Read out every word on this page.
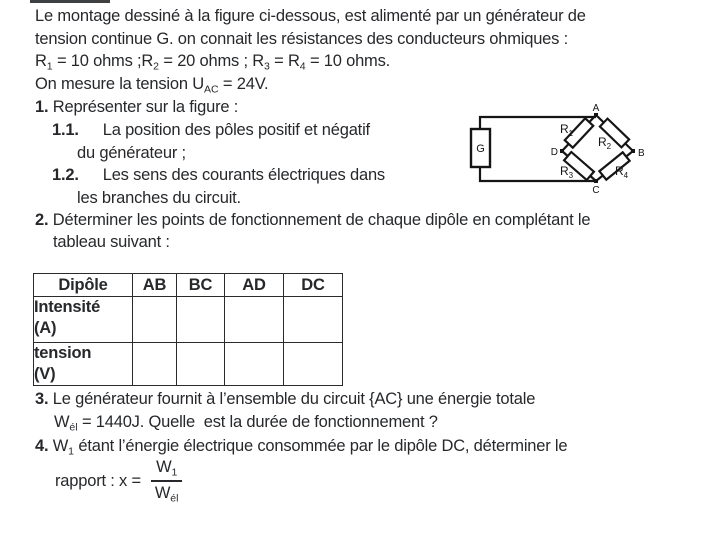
Le montage dessiné à la figure ci-dessous, est alimenté par un générateur de
tension continue G. on connait les résistances des conducteurs ohmiques :
$R_1 = 10$ ohms $;R_2 = 20$ ohms ; $R_3 = R_4 = 10$ ohms.
On mesure la tension $U_{AC} = 24V$.
1. Représenter sur la figure :
1.1. La position des pôles positif et négatif
du générateur ;
1.2. Les sens des courants électriques dans
les branches du circuit.
2. Déterminer les points de fonctionnement de chaque dipôle en complétant le
tableau suivant :
G
A
B
C
D
$R_1$
$R_2$
$R_3$	$R_4$
Dipôle	AB	BC	AD	DC
Intensité
(A)				
tension
(V)				
3. Le générateur fournit à l’ensemble du circuit {AC} une énergie totale
$W_{él} = 1440J$. Quelle  est la durée de fonctionnement ?
4. $W_1$ étant l’énergie électrique consommée par le dipôle DC, déterminer le
rapport : $x = \frac{W_1}{W_{él}}$
